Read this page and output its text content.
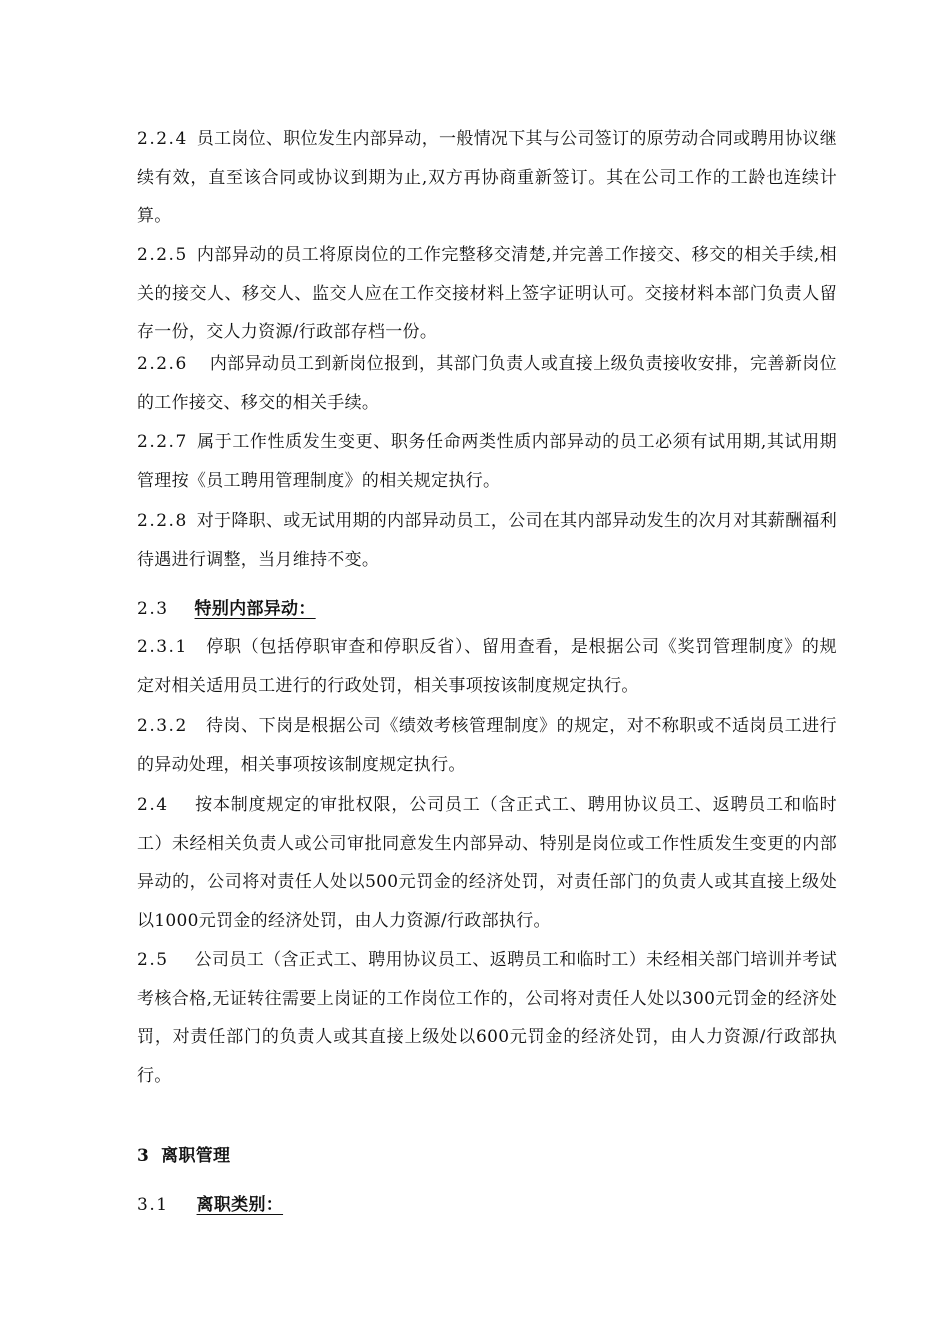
2.2.4 员工岗位、职位发生内部异动，一般情况下其与公司签订的原劳动合同或聘用协议继续有效，直至该合同或协议到期为止,双方再协商重新签订。其在公司工作的工龄也连续计算。

2.2.5 内部异动的员工将原岗位的工作完整移交清楚,并完善工作接交、移交的相关手续,相关的接交人、移交人、监交人应在工作交接材料上签字证明认可。交接材料本部门负责人留存一份，交人力资源/行政部存档一份。

2.2.6 内部异动员工到新岗位报到，其部门负责人或直接上级负责接收安排，完善新岗位的工作接交、移交的相关手续。

2.2.7 属于工作性质发生变更、职务任命两类性质内部异动的员工必须有试用期,其试用期管理按《员工聘用管理制度》的相关规定执行。

2.2.8 对于降职、或无试用期的内部异动员工，公司在其内部异动发生的次月对其薪酬福利待遇进行调整，当月维持不变。

2.3 特别内部异动：

2.3.1 停职（包括停职审查和停职反省）、留用查看，是根据公司《奖罚管理制度》的规定对相关适用员工进行的行政处罚，相关事项按该制度规定执行。

2.3.2 待岗、下岗是根据公司《绩效考核管理制度》的规定，对不称职或不适岗员工进行的异动处理，相关事项按该制度规定执行。

2.4 按本制度规定的审批权限，公司员工（含正式工、聘用协议员工、返聘员工和临时工）未经相关负责人或公司审批同意发生内部异动、特别是岗位或工作性质发生变更的内部异动的，公司将对责任人处以500元罚金的经济处罚，对责任部门的负责人或其直接上级处以1000元罚金的经济处罚，由人力资源/行政部执行。

2.5 公司员工（含正式工、聘用协议员工、返聘员工和临时工）未经相关部门培训并考试考核合格,无证转往需要上岗证的工作岗位工作的，公司将对责任人处以300元罚金的经济处罚，对责任部门的负责人或其直接上级处以600元罚金的经济处罚，由人力资源/行政部执行。

3 离职管理

3.1 离职类别：
